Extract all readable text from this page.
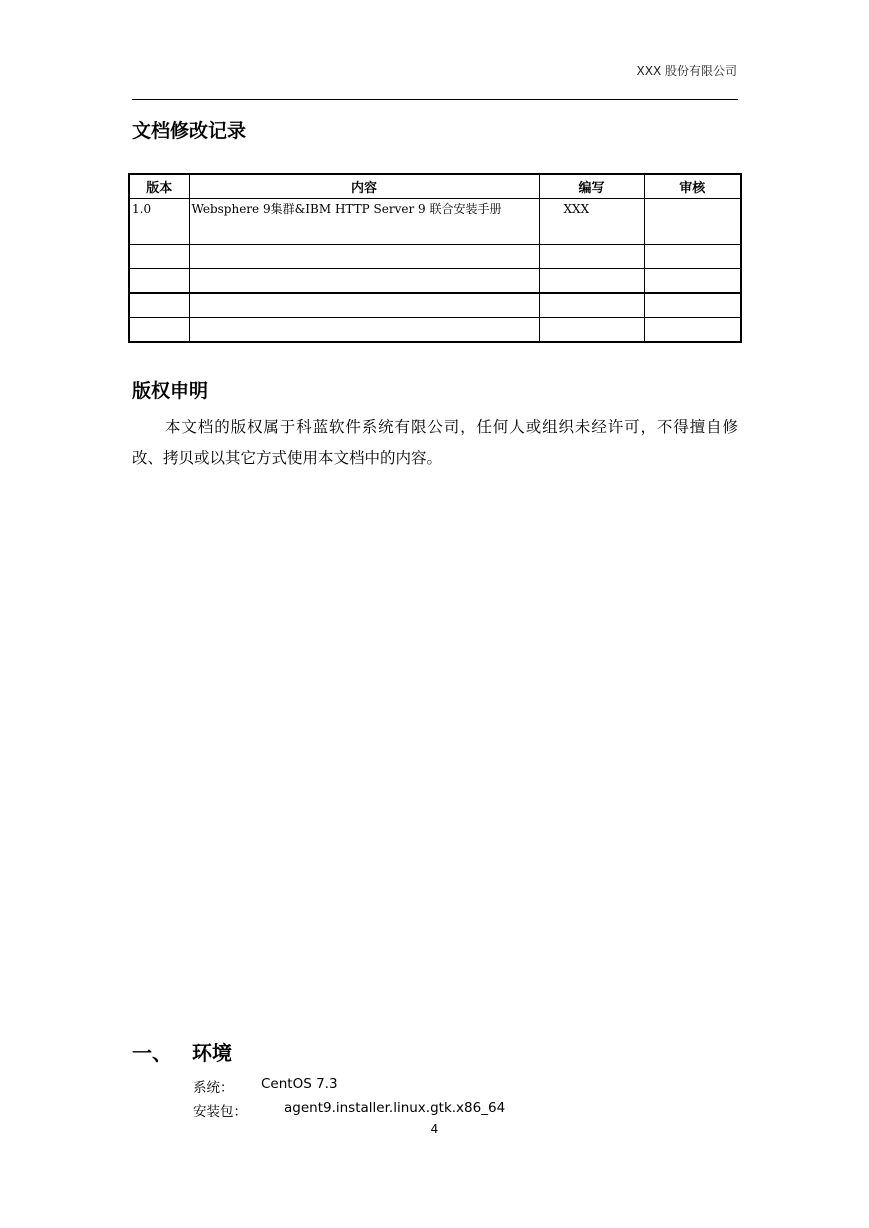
XXX 股份有限公司
文档修改记录
版本	内容	编写	审核
1.0	Websphere 9集群&IBM HTTP Server 9 联合安装手册	XXX	

版权申明
本文档的版权属于科蓝软件系统有限公司，任何人或组织未经许可，不得擅自修改、拷贝或以其它方式使用本文档中的内容。
一、 环境
系统： CentOS 7.3
安装包：	agent9.installer.linux.gtk.x86_64
4
